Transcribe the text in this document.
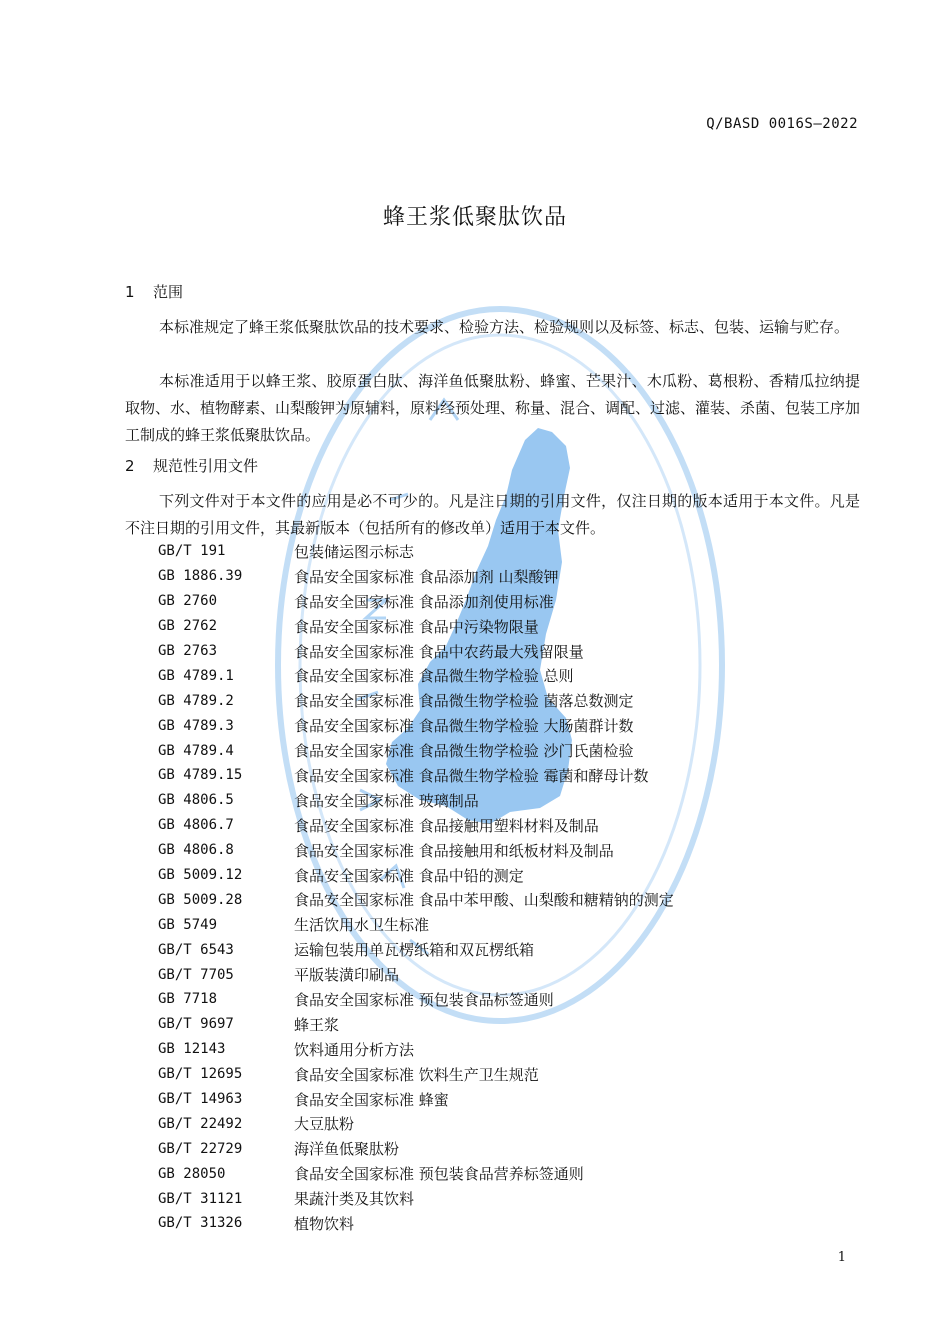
Q/BASD 0016S—2022
蜂王浆低聚肽饮品
1 范围
本标准规定了蜂王浆低聚肽饮品的技术要求、检验方法、检验规则以及标签、标志、包装、运输与贮存。
本标准适用于以蜂王浆、胶原蛋白肽、海洋鱼低聚肽粉、蜂蜜、芒果汁、木瓜粉、葛根粉、香精瓜拉纳提取物、水、植物酵素、山梨酸钾为原辅料，原料经预处理、称量、混合、调配、过滤、灌装、杀菌、包装工序加工制成的蜂王浆低聚肽饮品。
2 规范性引用文件
下列文件对于本文件的应用是必不可少的。凡是注日期的引用文件，仅注日期的版本适用于本文件。凡是不注日期的引用文件，其最新版本（包括所有的修改单）适用于本文件。
GB/T 191	包装储运图示标志
GB 1886.39	食品安全国家标准 食品添加剂 山梨酸钾
GB 2760	食品安全国家标准 食品添加剂使用标准
GB 2762	食品安全国家标准 食品中污染物限量
GB 2763	食品安全国家标准 食品中农药最大残留限量
GB 4789.1	食品安全国家标准 食品微生物学检验 总则
GB 4789.2	食品安全国家标准 食品微生物学检验 菌落总数测定
GB 4789.3	食品安全国家标准 食品微生物学检验 大肠菌群计数
GB 4789.4	食品安全国家标准 食品微生物学检验 沙门氏菌检验
GB 4789.15	食品安全国家标准 食品微生物学检验 霉菌和酵母计数
GB 4806.5	食品安全国家标准 玻璃制品
GB 4806.7	食品安全国家标准 食品接触用塑料材料及制品
GB 4806.8	食品安全国家标准 食品接触用和纸板材料及制品
GB 5009.12	食品安全国家标准 食品中铅的测定
GB 5009.28	食品安全国家标准 食品中苯甲酸、山梨酸和糖精钠的测定
GB 5749	生活饮用水卫生标准
GB/T 6543	运输包装用单瓦楞纸箱和双瓦楞纸箱
GB/T 7705	平版装潢印刷品
GB 7718	食品安全国家标准 预包装食品标签通则
GB/T 9697	蜂王浆
GB 12143	饮料通用分析方法
GB/T 12695	食品安全国家标准 饮料生产卫生规范
GB/T 14963	食品安全国家标准 蜂蜜
GB/T 22492	大豆肽粉
GB/T 22729	海洋鱼低聚肽粉
GB 28050	食品安全国家标准 预包装食品营养标签通则
GB/T 31121	果蔬汁类及其饮料
GB/T 31326	植物饮料
1
